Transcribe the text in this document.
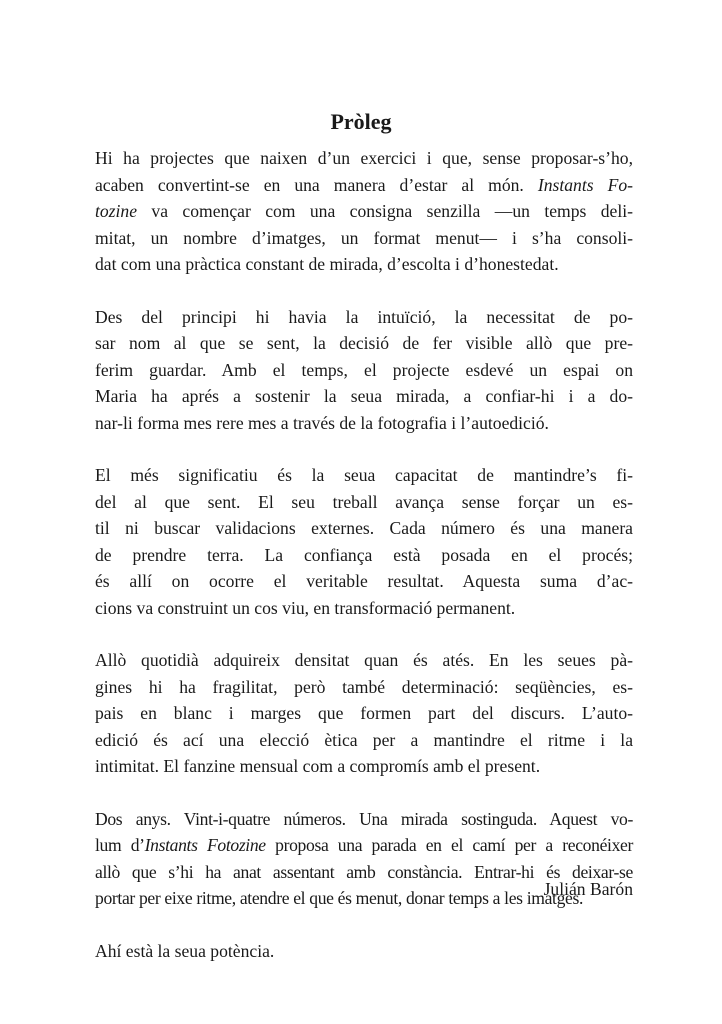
Pròleg
Hi ha projectes que naixen d’un exercici i que, sense proposar-s’ho,
acaben convertint-se en una manera d’estar al món. Instants Fo-
tozine va començar com una consigna senzilla —un temps deli-
mitat, un nombre d’imatges, un format menut— i s’ha consoli-
dat com una pràctica constant de mirada, d’escolta i d’honestedat.
Des del principi hi havia la intuïció, la necessitat de po-
sar nom al que se sent, la decisió de fer visible allò que pre-
ferim guardar. Amb el temps, el projecte esdevé un espai on
Maria ha aprés a sostenir la seua mirada, a confiar-hi i a do-
nar-li forma mes rere mes a través de la fotografia i l’autoedició.
El més significatiu és la seua capacitat de mantindre’s fi-
del al que sent. El seu treball avança sense forçar un es-
til ni buscar validacions externes. Cada número és una manera
de prendre terra. La confiança està posada en el procés;
és allí on ocorre el veritable resultat. Aquesta suma d’ac-
cions va construint un cos viu, en transformació permanent.
Allò quotidià adquireix densitat quan és atés. En les seues pà-
gines hi ha fragilitat, però també determinació: seqüències, es-
pais en blanc i marges que formen part del discurs. L’auto-
edició és ací una elecció ètica per a mantindre el ritme i la
intimitat. El fanzine mensual com a compromís amb el present.
Dos anys. Vint-i-quatre números. Una mirada sostinguda. Aquest vo-
lum d’Instants Fotozine proposa una parada en el camí per a reconéixer
allò que s’hi ha anat assentant amb constància. Entrar-hi és deixar-se
portar per eixe ritme, atendre el que és menut, donar temps a les imatges.
Ahí està la seua potència.
Julián Barón
